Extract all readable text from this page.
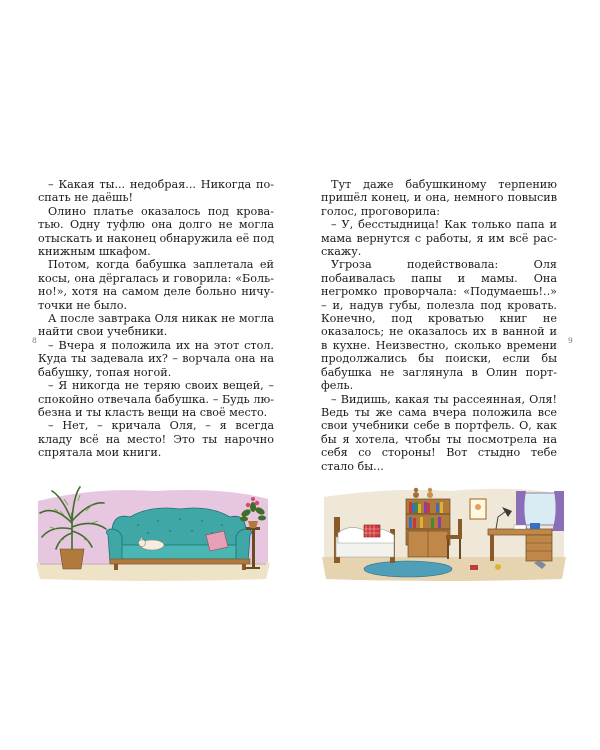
– Какая ты... недобрая... Никогда поспать не даёшь!

Олино платье оказалось под кроватью. Одну туфлю она долго не могла отыскать и наконец обнаружила её под книжным шкафом.

Потом, когда бабушка заплетала ей косы, она дёргалась и говорила: «Больно!», хотя на самом деле больно ничуточки не было.

А после завтрака Оля никак не могла найти свои учебники.

– Вчера я положила их на этот стол. Куда ты задевала их? – ворчала она на бабушку, топая ногой.

– Я никогда не теряю своих вещей, – спокойно отвечала бабушка. – Будь любезна и ты класть вещи на своё место.

– Нет, – кричала Оля, – я всегда кладу всё на место! Это ты нарочно спрятала мои книги.

8

Тут даже бабушкиному терпению пришёл конец, и она, немного повысив голос, проговорила:

– У, бесстыдница! Как только папа и мама вернутся с работы, я им всё расскажу.

Угроза подействовала: Оля побаивалась папы и мамы. Она негромко проворчала: «Подумаешь!..» – и, надув губы, полезла под кровать. Конечно, под кроватью книг не оказалось; не оказалось их в ванной и в кухне. Неизвестно, сколько времени продолжались бы поиски, если бы бабушка не заглянула в Олин портфель.

– Видишь, какая ты рассеянная, Оля! Ведь ты же сама вчера положила все свои учебники себе в портфель. О, как бы я хотела, чтобы ты посмотрела на себя со стороны! Вот стыдно тебе стало бы...

9
